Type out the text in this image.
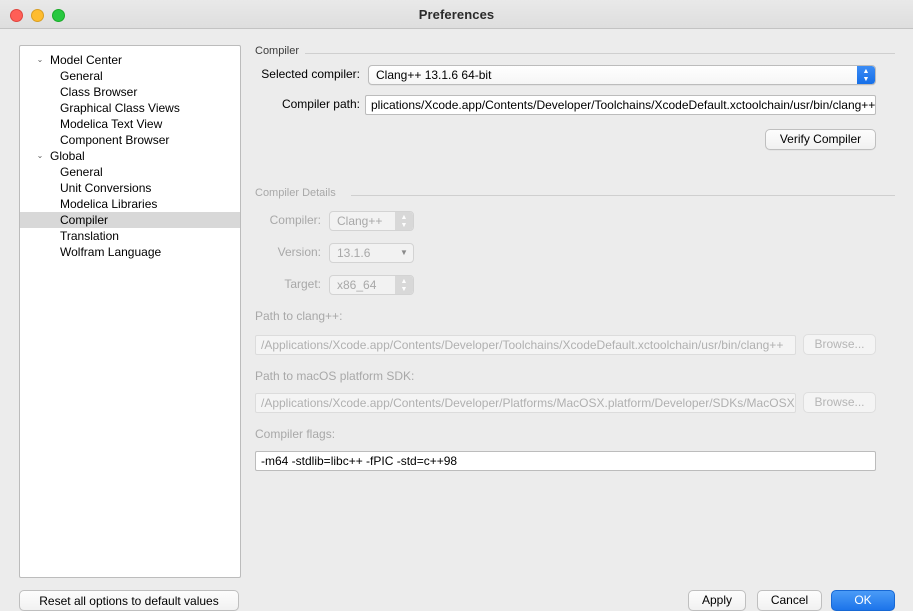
Preferences
⌄ Model Center
General
Class Browser
Graphical Class Views
Modelica Text View
Component Browser
⌄ Global
General
Unit Conversions
Modelica Libraries
Compiler
Translation
Wolfram Language
Reset all options to default values
Compiler
Selected compiler:	Clang++ 13.1.6 64-bit	▲
▼
Compiler path: plications/Xcode.app/Contents/Developer/Toolchains/XcodeDefault.xctoolchain/usr/bin/clang++
Verify Compiler
Compiler Details
Compiler:	Clang++	▲
▼
Version:	13.1.6	▼
Target:	x86_64	▲
▼
Path to clang++:
/Applications/Xcode.app/Contents/Developer/Toolchains/XcodeDefault.xctoolchain/usr/bin/clang++	Browse...
Path to macOS platform SDK:
/Applications/Xcode.app/Contents/Developer/Platforms/MacOSX.platform/Developer/SDKs/MacOSX	Browse...
Compiler flags:
-m64 -stdlib=libc++ -fPIC -std=c++98
Apply	Cancel	OK
